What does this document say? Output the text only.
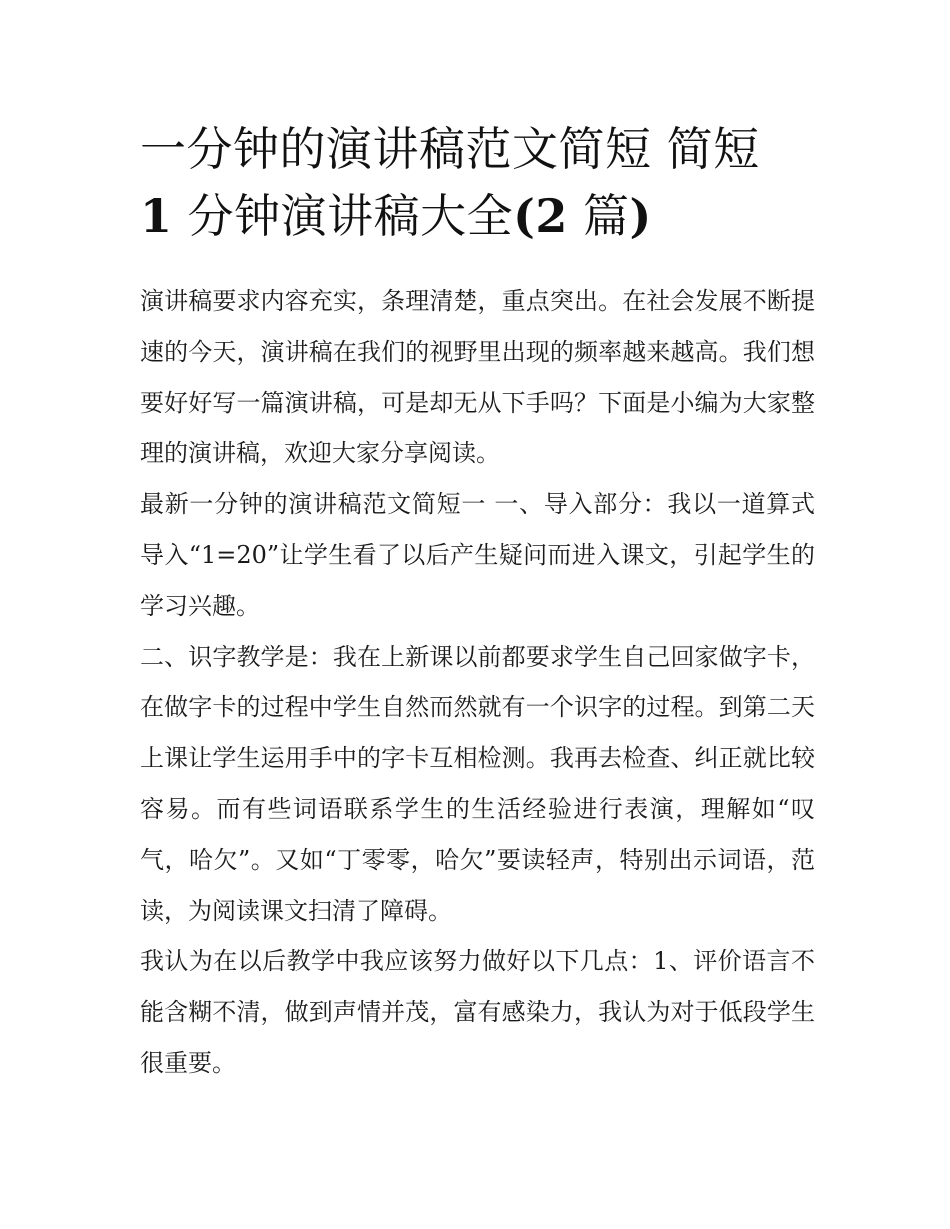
一分钟的演讲稿范文简短 简短
1 分钟演讲稿大全(2 篇)

演讲稿要求内容充实，条理清楚，重点突出。在社会发展不断提速的今天，演讲稿在我们的视野里出现的频率越来越高。我们想要好好写一篇演讲稿，可是却无从下手吗？下面是小编为大家整理的演讲稿，欢迎大家分享阅读。

最新一分钟的演讲稿范文简短一 一、导入部分：我以一道算式导入“1=20”让学生看了以后产生疑问而进入课文，引起学生的学习兴趣。

二、识字教学是：我在上新课以前都要求学生自己回家做字卡，在做字卡的过程中学生自然而然就有一个识字的过程。到第二天上课让学生运用手中的字卡互相检测。我再去检查、纠正就比较容易。而有些词语联系学生的生活经验进行表演，理解如“叹气，哈欠”。又如“丁零零，哈欠”要读轻声，特别出示词语，范读，为阅读课文扫清了障碍。

我认为在以后教学中我应该努力做好以下几点：1、评价语言不能含糊不清，做到声情并茂，富有感染力，我认为对于低段学生很重要。
